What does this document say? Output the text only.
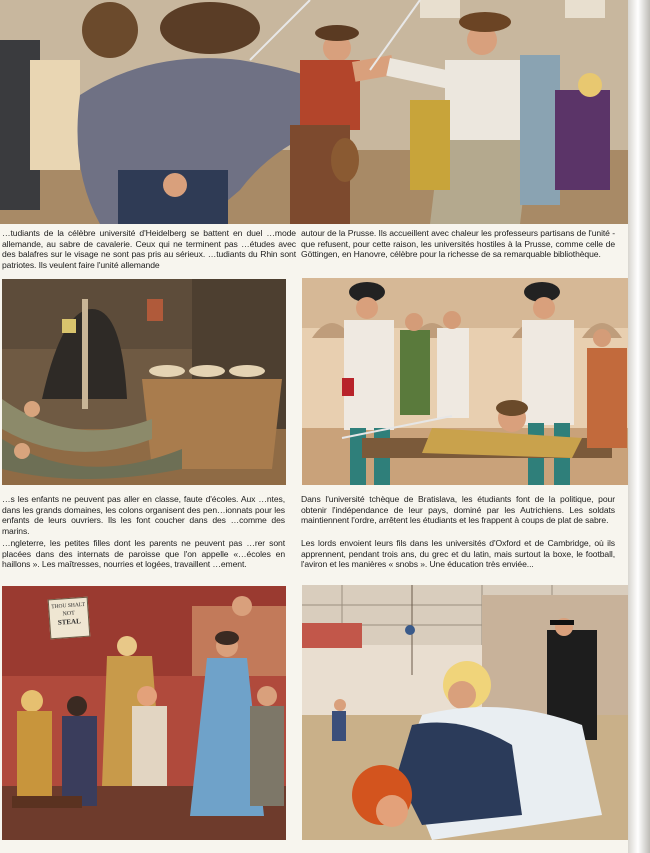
…tudiants de la célèbre université d'Heidelberg se battent en duel …mode allemande, au sabre de cavalerie. Ceux qui ne terminent pas …études avec des balafres sur le visage ne sont pas pris au sérieux. …tudiants du Rhin sont patriotes. Ils veulent faire l'unité allemande

autour de la Prusse. Ils accueillent avec chaleur les professeurs partisans de l'unité - que refusent, pour cette raison, les universités hostiles à la Prusse, comme celle de Göttingen, en Hanovre, célèbre pour la richesse de sa remarquable bibliothèque.

…s les enfants ne peuvent pas aller en classe, faute d'écoles. Aux …ntes, dans les grands domaines, les colons organisent des pen…ionnats pour les enfants de leurs ouvriers. Ils les font coucher dans des …comme des marins.

Dans l'université tchèque de Bratislava, les étudiants font de la politique, pour obtenir l'indépendance de leur pays, dominé par les Autrichiens. Les soldats maintiennent l'ordre, arrêtent les étudiants et les frappent à coups de plat de sabre.

…ngleterre, les petites filles dont les parents ne peuvent pas …rer sont placées dans des internats de paroisse que l'on appelle «…écoles en haillons ». Les maîtresses, nourries et logées, travaillent …ement.

Les lords envoient leurs fils dans les universités d'Oxford et de Cambridge, où ils apprennent, pendant trois ans, du grec et du latin, mais surtout la boxe, le football, l'aviron et les manières « snobs ». Une éducation très enviée...

THOU SHALT
NOT
STEAL
